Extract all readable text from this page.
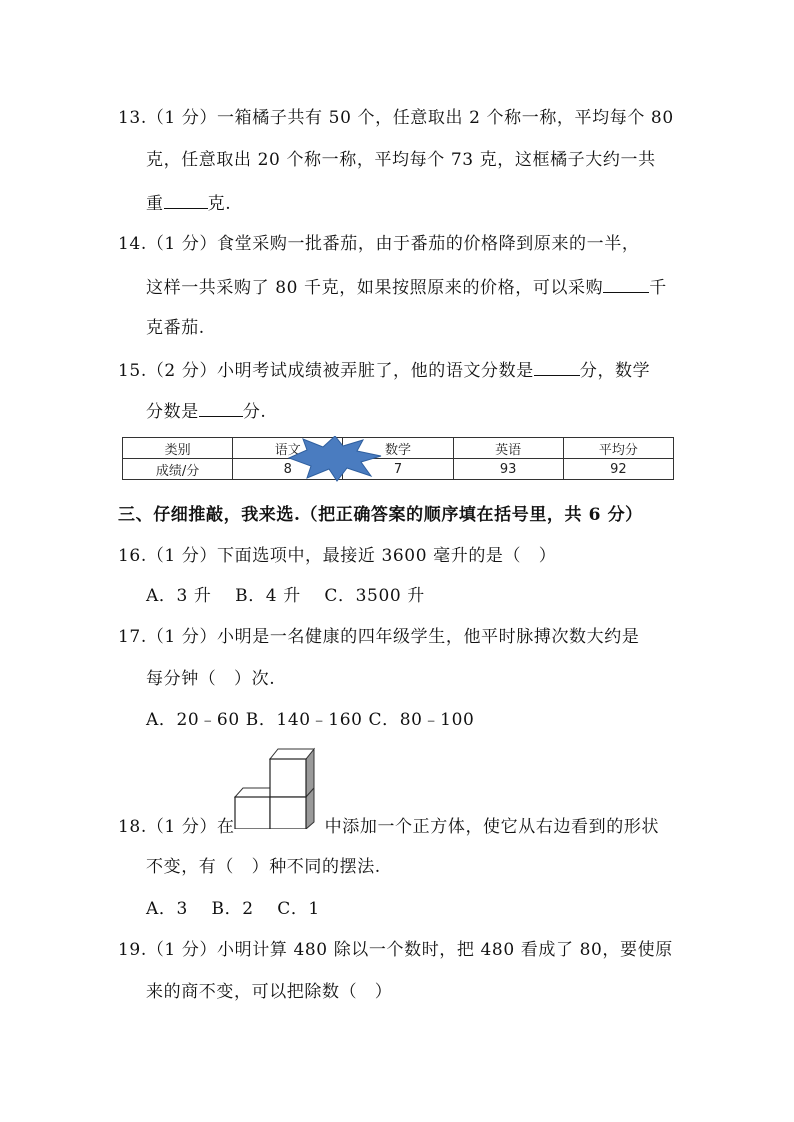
13.（1 分）一箱橘子共有 50 个，任意取出 2 个称一称，平均每个 80
克，任意取出 20 个称一称，平均每个 73 克，这框橘子大约一共
重	克.
14.（1 分）食堂采购一批番茄，由于番茄的价格降到原来的一半，
这样一共采购了 80 千克，如果按照原来的价格，可以采购	千
克番茄.
15.（2 分）小明考试成绩被弄脏了，他的语文分数是	分，数学
分数是	分.
类别	语文	数学	英语	平均分
成绩/分	8	7	93	92
三、仔细推敲，我来选.（把正确答案的顺序填在括号里，共 6 分）
16.（1 分）下面选项中，最接近 3600 毫升的是（　）
A．3 升　 B．4 升　 C．3500 升
17.（1 分）小明是一名健康的四年级学生，他平时脉搏次数大约是
每分钟（　）次.
A．20﹣60 B．140﹣160 C．80﹣100
18.（1 分）在	中添加一个正方体，使它从右边看到的形状
不变，有（　）种不同的摆法.
A．3　 B．2　 C．1
19.（1 分）小明计算 480 除以一个数时，把 480 看成了 80，要使原
来的商不变，可以把除数（　）
